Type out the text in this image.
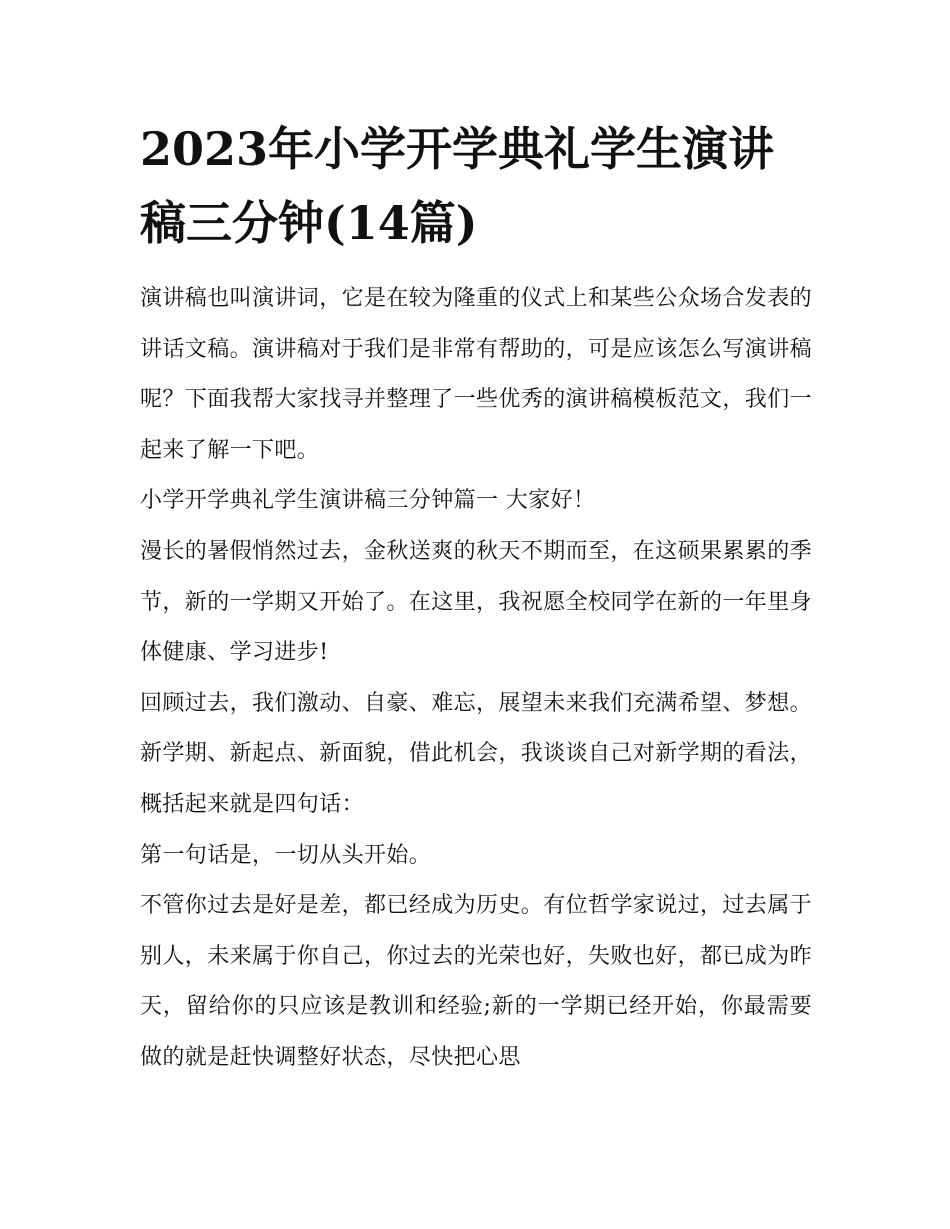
2023年小学开学典礼学生演讲稿三分钟(14篇)

演讲稿也叫演讲词，它是在较为隆重的仪式上和某些公众场合发表的讲话文稿。演讲稿对于我们是非常有帮助的，可是应该怎么写演讲稿呢？下面我帮大家找寻并整理了一些优秀的演讲稿模板范文，我们一起来了解一下吧。

小学开学典礼学生演讲稿三分钟篇一 大家好！

漫长的暑假悄然过去，金秋送爽的秋天不期而至，在这硕果累累的季节，新的一学期又开始了。在这里，我祝愿全校同学在新的一年里身体健康、学习进步!

回顾过去，我们激动、自豪、难忘，展望未来我们充满希望、梦想。新学期、新起点、新面貌，借此机会，我谈谈自己对新学期的看法，概括起来就是四句话：

第一句话是，一切从头开始。

不管你过去是好是差，都已经成为历史。有位哲学家说过，过去属于别人，未来属于你自己，你过去的光荣也好，失败也好，都已成为昨天，留给你的只应该是教训和经验;新的一学期已经开始，你最需要做的就是赶快调整好状态，尽快把心思
